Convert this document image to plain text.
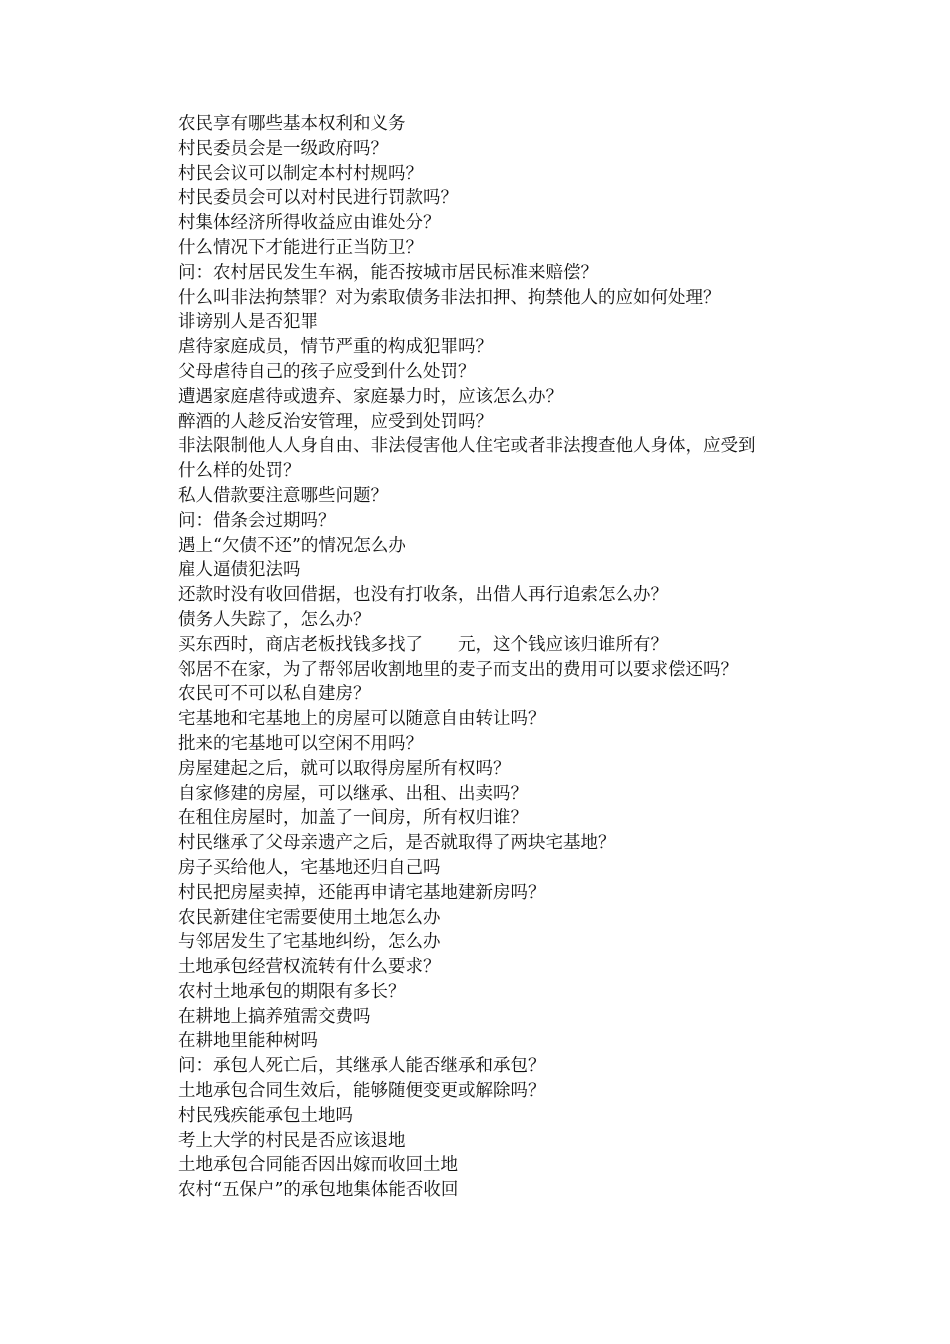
农民享有哪些基本权利和义务
村民委员会是一级政府吗？
村民会议可以制定本村村规吗？
村民委员会可以对村民进行罚款吗？
村集体经济所得收益应由谁处分？
什么情况下才能进行正当防卫？
问：农村居民发生车祸，能否按城市居民标准来赔偿？
什么叫非法拘禁罪？对为索取债务非法扣押、拘禁他人的应如何处理？
诽谤别人是否犯罪
虐待家庭成员，情节严重的构成犯罪吗？
父母虐待自己的孩子应受到什么处罚？
遭遇家庭虐待或遗弃、家庭暴力时，应该怎么办？
醉酒的人趁反治安管理，应受到处罚吗？
非法限制他人人身自由、非法侵害他人住宅或者非法搜查他人身体，应受到
什么样的处罚？
私人借款要注意哪些问题？
问：借条会过期吗？
遇上“欠债不还”的情况怎么办
雇人逼债犯法吗
还款时没有收回借据，也没有打收条，出借人再行追索怎么办？
债务人失踪了，怎么办？
买东西时，商店老板找钱多找了　　元，这个钱应该归谁所有？
邻居不在家，为了帮邻居收割地里的麦子而支出的费用可以要求偿还吗？
农民可不可以私自建房？
宅基地和宅基地上的房屋可以随意自由转让吗？
批来的宅基地可以空闲不用吗？
房屋建起之后，就可以取得房屋所有权吗？
自家修建的房屋，可以继承、出租、出卖吗？
在租住房屋时，加盖了一间房，所有权归谁？
村民继承了父母亲遗产之后，是否就取得了两块宅基地？
房子买给他人，宅基地还归自己吗
村民把房屋卖掉，还能再申请宅基地建新房吗？
农民新建住宅需要使用土地怎么办
与邻居发生了宅基地纠纷，怎么办
土地承包经营权流转有什么要求？
农村土地承包的期限有多长？
在耕地上搞养殖需交费吗
在耕地里能种树吗
问：承包人死亡后，其继承人能否继承和承包？
土地承包合同生效后，能够随便变更或解除吗？
村民残疾能承包土地吗
考上大学的村民是否应该退地
土地承包合同能否因出嫁而收回土地
农村“五保户”的承包地集体能否收回
